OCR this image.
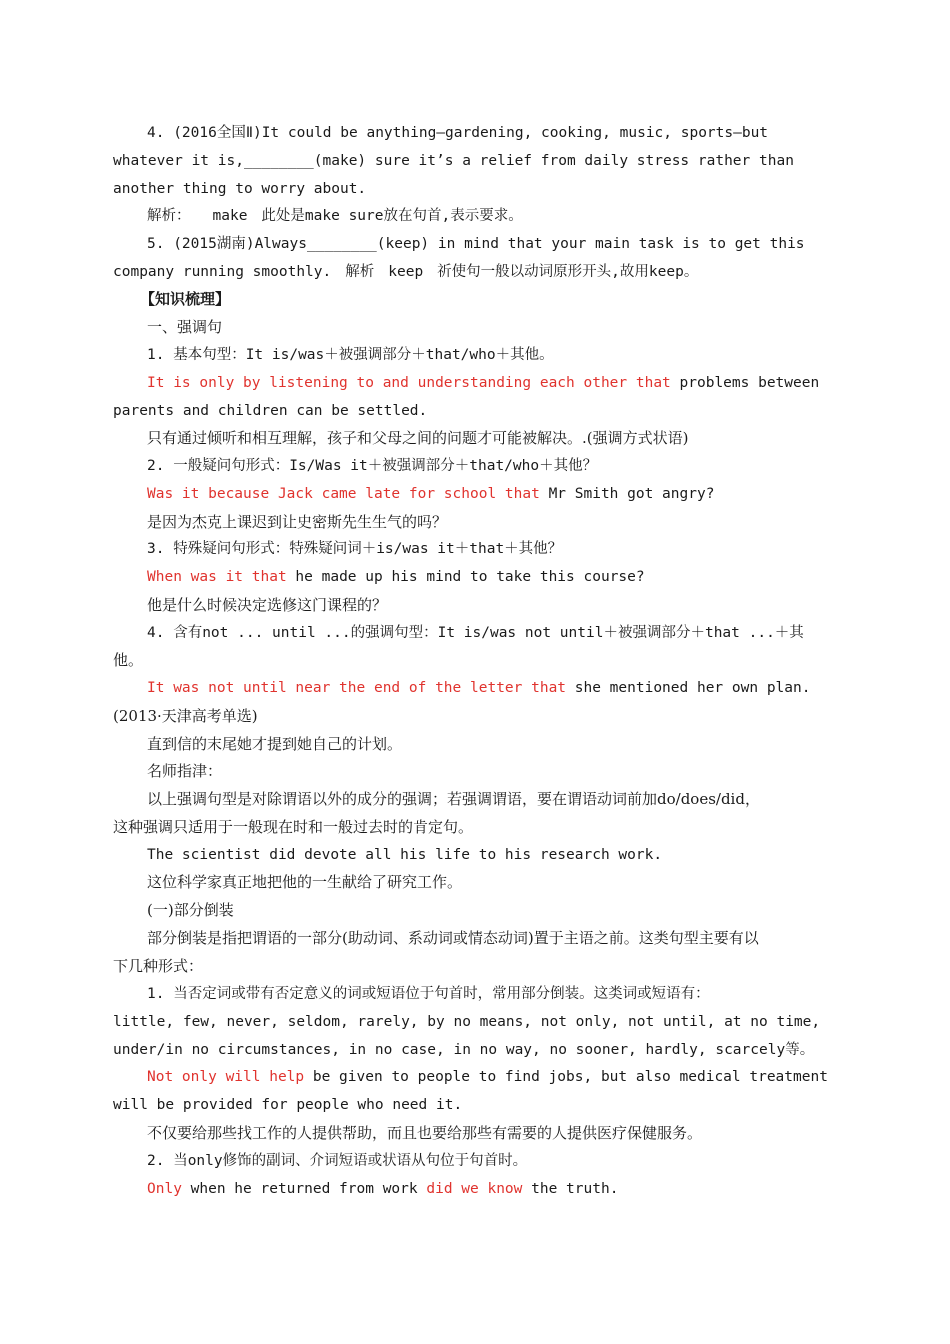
4. (2016全国Ⅱ)It could be anything—gardening, cooking, music, sports—but
whatever it is,________(make) sure it’s a relief from daily stress rather than
another thing to worry about.
解析： make 此处是make sure放在句首,表示要求。
5. (2015湖南)Always________(keep) in mind that your main task is to get this
company running smoothly. 解析 keep 祈使句一般以动词原形开头,故用keep。
【知识梳理】
一、强调句
1. 基本句型：It is/was＋被强调部分＋that/who＋其他。
It is only by listening to and understanding each other that problems between
parents and children can be settled.
只有通过倾听和相互理解，孩子和父母之间的问题才可能被解决。.(强调方式状语)
2. 一般疑问句形式：Is/Was it＋被强调部分＋that/who＋其他？
Was it because Jack came late for school that Mr Smith got angry?
是因为杰克上课迟到让史密斯先生生气的吗？
3. 特殊疑问句形式：特殊疑问词＋is/was it＋that＋其他？
When was it that he made up his mind to take this course?
他是什么时候决定选修这门课程的？
4. 含有not ... until ...的强调句型：It is/was not until＋被强调部分＋that ...＋其
他。
It was not until near the end of the letter that she mentioned her own plan.
(2013·天津高考单选)
直到信的末尾她才提到她自己的计划。
名师指津：
以上强调句型是对除谓语以外的成分的强调；若强调谓语，要在谓语动词前加do/does/did，
这种强调只适用于一般现在时和一般过去时的肯定句。
The scientist did devote all his life to his research work.
这位科学家真正地把他的一生献给了研究工作。
(一)部分倒装
部分倒装是指把谓语的一部分(助动词、系动词或情态动词)置于主语之前。这类句型主要有以
下几种形式：
1. 当否定词或带有否定意义的词或短语位于句首时，常用部分倒装。这类词或短语有：
little, few, never, seldom, rarely, by no means, not only, not until, at no time,
under/in no circumstances, in no case, in no way, no sooner, hardly, scarcely等。
Not only will help be given to people to find jobs, but also medical treatment
will be provided for people who need it.
不仅要给那些找工作的人提供帮助，而且也要给那些有需要的人提供医疗保健服务。
2. 当only修饰的副词、介词短语或状语从句位于句首时。
Only when he returned from work did we know the truth.
